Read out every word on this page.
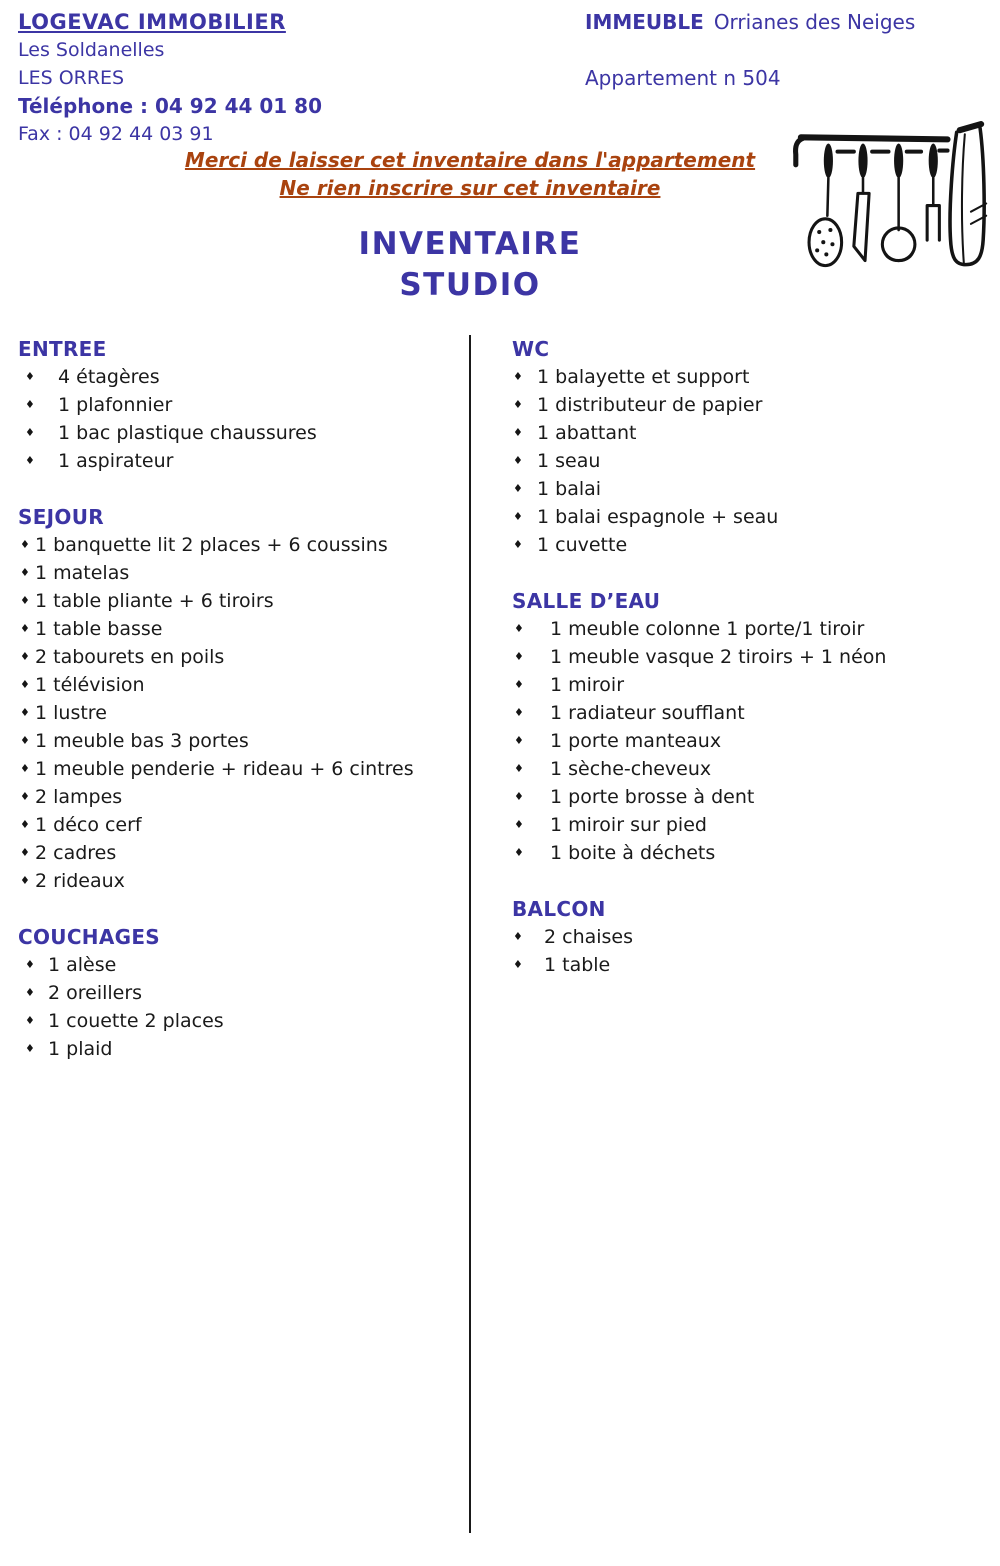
LOGEVAC IMMOBILIER
Les Soldanelles
LES ORRES
Téléphone : 04 92 44 01 80
Fax : 04 92 44 03 91
IMMEUBLE Orrianes des Neiges
Appartement n 504
Merci de laisser cet inventaire dans l'appartement
Ne rien inscrire sur cet inventaire
INVENTAIRE
STUDIO
ENTREE
♦ 4 étagères
♦ 1 plafonnier
♦ 1 bac plastique chaussures
♦ 1 aspirateur
SEJOUR
♦ 1 banquette lit 2 places + 6 coussins
♦ 1 matelas
♦ 1 table pliante + 6 tiroirs
♦ 1 table basse
♦ 2 tabourets en poils
♦ 1 télévision
♦ 1 lustre
♦ 1 meuble bas 3 portes
♦ 1 meuble penderie + rideau + 6 cintres
♦ 2 lampes
♦ 1 déco cerf
♦ 2 cadres
♦ 2 rideaux
COUCHAGES
♦ 1 alèse
♦ 2 oreillers
♦ 1 couette 2 places
♦ 1 plaid
WC
♦ 1 balayette et support
♦ 1 distributeur de papier
♦ 1 abattant
♦ 1 seau
♦ 1 balai
♦ 1 balai espagnole + seau
♦ 1 cuvette
SALLE D’EAU
♦ 1 meuble colonne 1 porte/1 tiroir
♦ 1 meuble vasque 2 tiroirs + 1 néon
♦ 1 miroir
♦ 1 radiateur soufflant
♦ 1 porte manteaux
♦ 1 sèche-cheveux
♦ 1 porte brosse à dent
♦ 1 miroir sur pied
♦ 1 boite à déchets
BALCON
♦ 2 chaises
♦ 1 table
